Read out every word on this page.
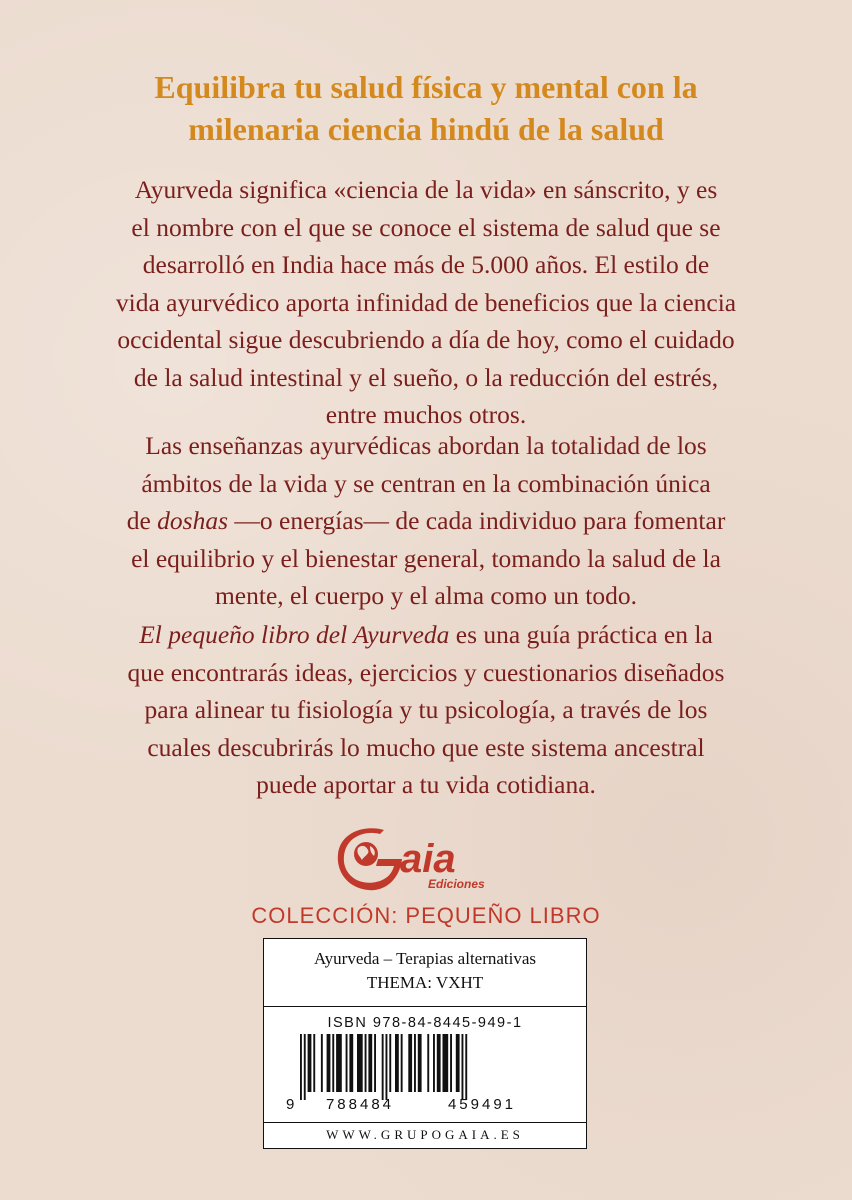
Equilibra tu salud física y mental con la
milenaria ciencia hindú de la salud
Ayurveda significa «ciencia de la vida» en sánscrito, y es
el nombre con el que se conoce el sistema de salud que se
desarrolló en India hace más de 5.000 años. El estilo de
vida ayurvédico aporta infinidad de beneficios que la ciencia
occidental sigue descubriendo a día de hoy, como el cuidado
de la salud intestinal y el sueño, o la reducción del estrés,
entre muchos otros.
Las enseñanzas ayurvédicas abordan la totalidad de los
ámbitos de la vida y se centran en la combinación única
de doshas —o energías— de cada individuo para fomentar
el equilibrio y el bienestar general, tomando la salud de la
mente, el cuerpo y el alma como un todo.
El pequeño libro del Ayurveda es una guía práctica en la
que encontrarás ideas, ejercicios y cuestionarios diseñados
para alinear tu fisiología y tu psicología, a través de los
cuales descubrirás lo mucho que este sistema ancestral
puede aportar a tu vida cotidiana.
aia
Ediciones
COLECCIÓN: PEQUEÑO LIBRO
Ayurveda – Terapias alternativas
THEMA: VXHT
ISBN 978-84-8445-949-1
9 788484	459491
WWW.GRUPOGAIA.ES
